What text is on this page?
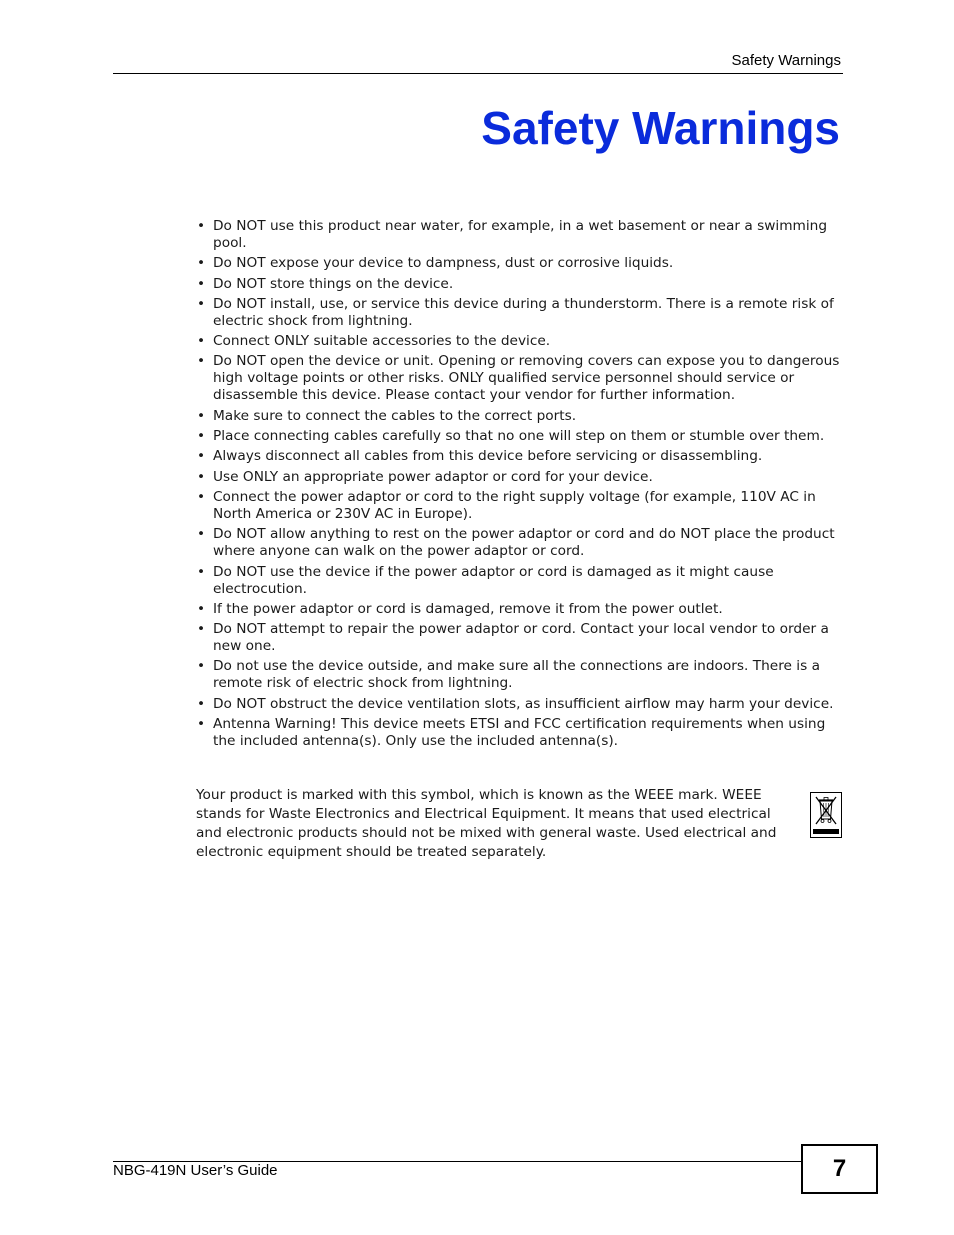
Safety Warnings
Safety Warnings
• Do NOT use this product near water, for example, in a wet basement or near a swimming pool.
• Do NOT expose your device to dampness, dust or corrosive liquids.
• Do NOT store things on the device.
• Do NOT install, use, or service this device during a thunderstorm. There is a remote risk of electric shock from lightning.
• Connect ONLY suitable accessories to the device.
• Do NOT open the device or unit. Opening or removing covers can expose you to dangerous high voltage points or other risks. ONLY qualified service personnel should service or disassemble this device. Please contact your vendor for further information.
• Make sure to connect the cables to the correct ports.
• Place connecting cables carefully so that no one will step on them or stumble over them.
• Always disconnect all cables from this device before servicing or disassembling.
• Use ONLY an appropriate power adaptor or cord for your device.
• Connect the power adaptor or cord to the right supply voltage (for example, 110V AC in North America or 230V AC in Europe).
• Do NOT allow anything to rest on the power adaptor or cord and do NOT place the product where anyone can walk on the power adaptor or cord.
• Do NOT use the device if the power adaptor or cord is damaged as it might cause electrocution.
• If the power adaptor or cord is damaged, remove it from the power outlet.
• Do NOT attempt to repair the power adaptor or cord. Contact your local vendor to order a new one.
• Do not use the device outside, and make sure all the connections are indoors. There is a remote risk of electric shock from lightning.
• Do NOT obstruct the device ventilation slots, as insufficient airflow may harm your device.
• Antenna Warning! This device meets ETSI and FCC certification requirements when using the included antenna(s). Only use the included antenna(s).

Your product is marked with this symbol, which is known as the WEEE mark. WEEE stands for Waste Electronics and Electrical Equipment. It means that used electrical and electronic products should not be mixed with general waste. Used electrical and electronic equipment should be treated separately.

NBG-419N User’s Guide	7
